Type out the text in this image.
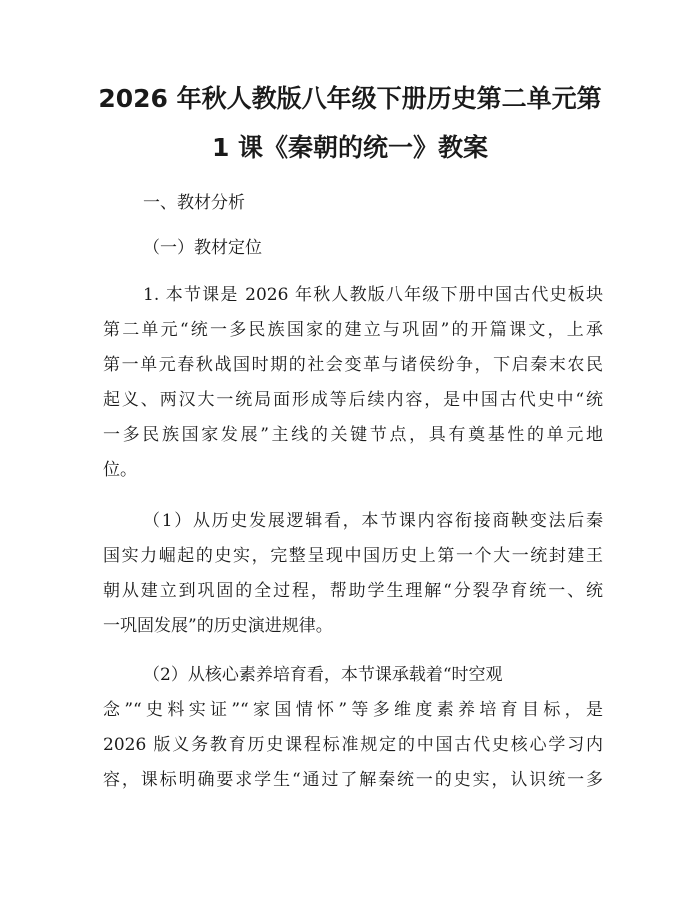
2026 年秋人教版八年级下册历史第二单元第
1 课《秦朝的统一》教案
一、教材分析
（一）教材定位
1. 本节课是 2026 年秋人教版八年级下册中国古代史板块
第二单元“统一多民族国家的建立与巩固”的开篇课文，上承
第一单元春秋战国时期的社会变革与诸侯纷争，下启秦末农民
起义、两汉大一统局面形成等后续内容，是中国古代史中“统
一多民族国家发展”主线的关键节点，具有奠基性的单元地
位。
（1）从历史发展逻辑看，本节课内容衔接商鞅变法后秦
国实力崛起的史实，完整呈现中国历史上第一个大一统封建王
朝从建立到巩固的全过程，帮助学生理解“分裂孕育统一、统
一巩固发展”的历史演进规律。
（2）从核心素养培育看，本节课承载着“时空观
念”“史料实证”“家国情怀”等多维度素养培育目标，是
2026 版义务教育历史课程标准规定的中国古代史核心学习内
容，课标明确要求学生“通过了解秦统一的史实，认识统一多
